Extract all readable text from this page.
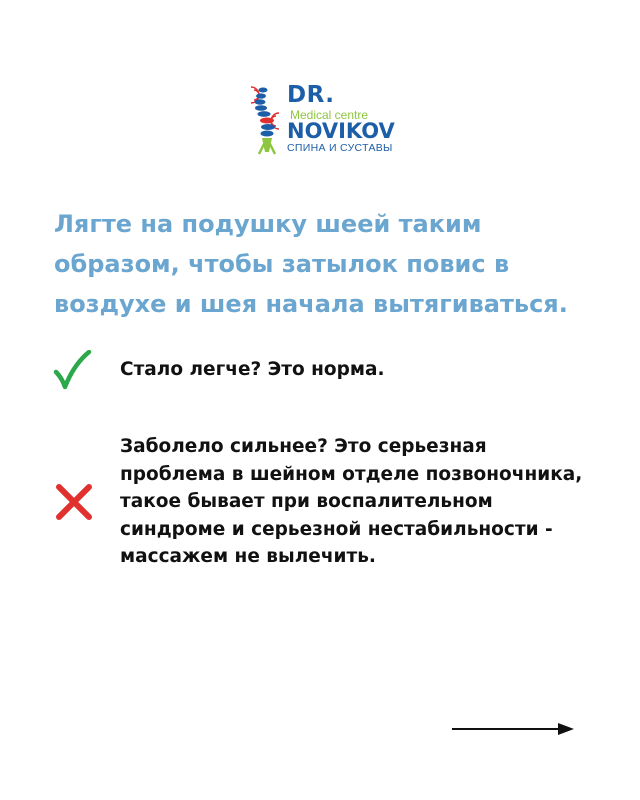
DR.
Medical centre
NOVIKOV
СПИНА И СУСТАВЫ
Лягте на подушку шеей таким
образом, чтобы затылок повис в
воздухе и шея начала вытягиваться.

Стало легче? Это норма.

Заболело сильнее? Это серьезная
проблема в шейном отделе позвоночника,
такое бывает при воспалительном
синдроме и серьезной нестабильности -
массажем не вылечить.
